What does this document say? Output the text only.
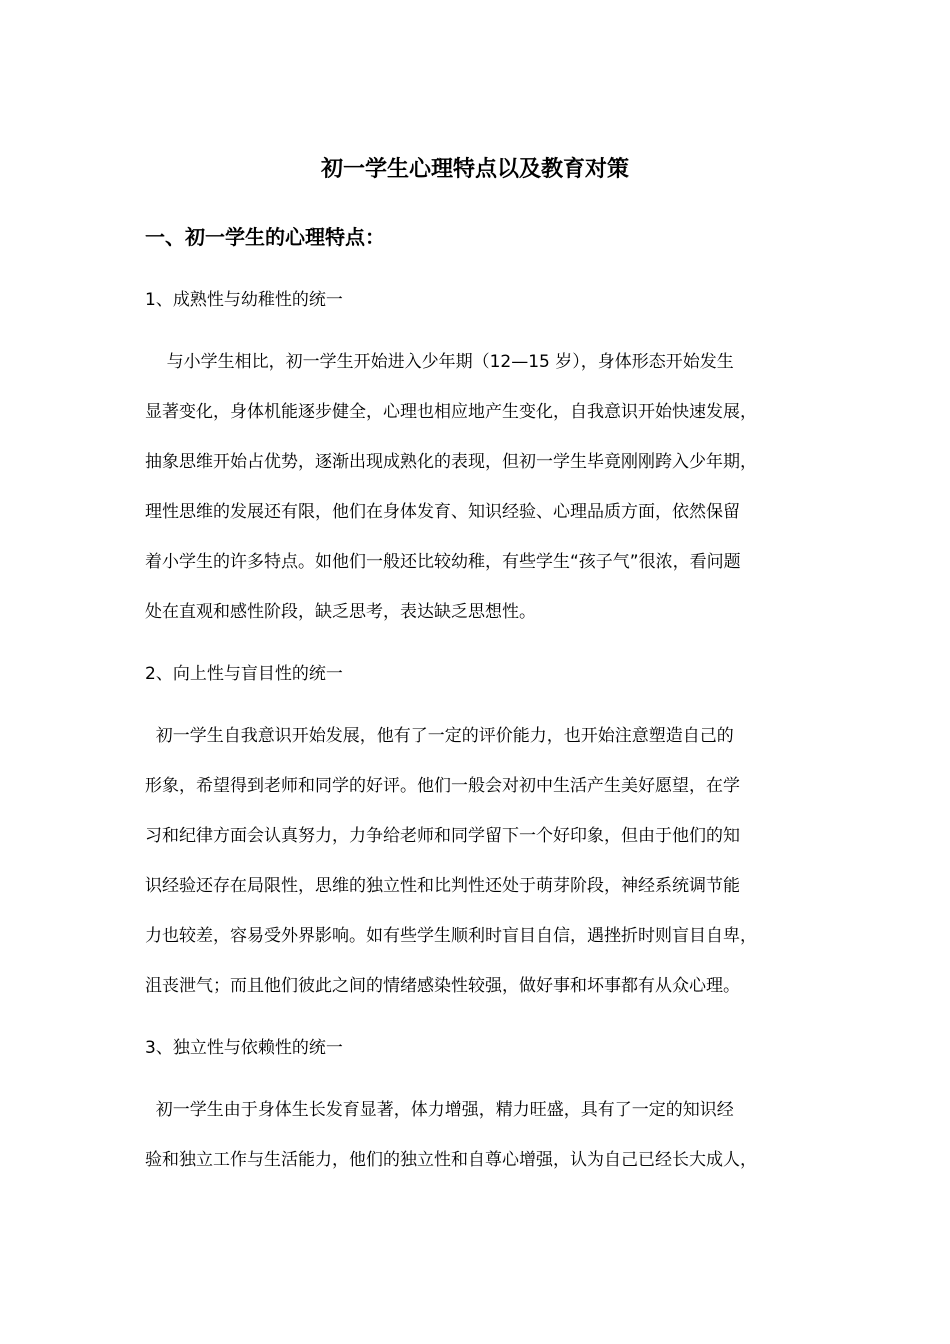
初一学生心理特点以及教育对策
一、初一学生的心理特点：
1、成熟性与幼稚性的统一
与小学生相比，初一学生开始进入少年期（12—15 岁），身体形态开始发生
显著变化，身体机能逐步健全，心理也相应地产生变化，自我意识开始快速发展，
抽象思维开始占优势，逐渐出现成熟化的表现，但初一学生毕竟刚刚跨入少年期，
理性思维的发展还有限，他们在身体发育、知识经验、心理品质方面，依然保留
着小学生的许多特点。如他们一般还比较幼稚，有些学生“孩子气”很浓，看问题
处在直观和感性阶段，缺乏思考，表达缺乏思想性。
2、向上性与盲目性的统一
初一学生自我意识开始发展，他有了一定的评价能力，也开始注意塑造自己的
形象，希望得到老师和同学的好评。他们一般会对初中生活产生美好愿望，在学
习和纪律方面会认真努力，力争给老师和同学留下一个好印象，但由于他们的知
识经验还存在局限性，思维的独立性和比判性还处于萌芽阶段，神经系统调节能
力也较差，容易受外界影响。如有些学生顺利时盲目自信，遇挫折时则盲目自卑，
沮丧泄气；而且他们彼此之间的情绪感染性较强，做好事和坏事都有从众心理。
3、独立性与依赖性的统一
初一学生由于身体生长发育显著，体力增强，精力旺盛，具有了一定的知识经
验和独立工作与生活能力，他们的独立性和自尊心增强，认为自己已经长大成人，
